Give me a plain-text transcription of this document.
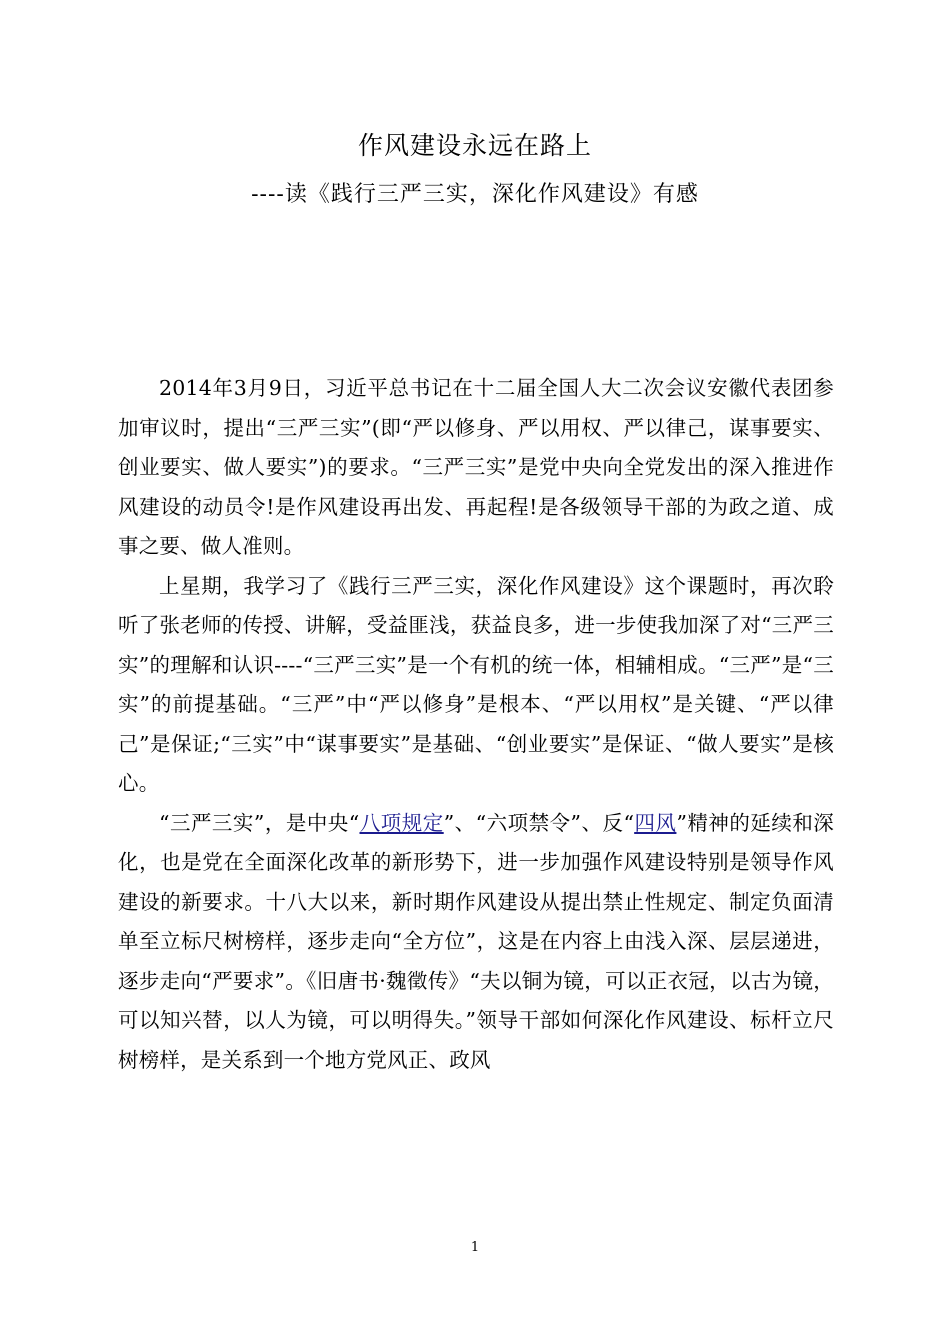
作风建设永远在路上
----读《践行三严三实，深化作风建设》有感

2014年3月9日，习近平总书记在十二届全国人大二次会议安徽代表团参加审议时，提出“三严三实”(即“严以修身、严以用权、严以律己，谋事要实、创业要实、做人要实”)的要求。“三严三实”是党中央向全党发出的深入推进作风建设的动员令!是作风建设再出发、再起程!是各级领导干部的为政之道、成事之要、做人准则。

上星期，我学习了《践行三严三实，深化作风建设》这个课题时，再次聆听了张老师的传授、讲解，受益匪浅，获益良多，进一步使我加深了对“三严三实”的理解和认识----“三严三实”是一个有机的统一体，相辅相成。“三严”是“三实”的前提基础。“三严”中“严以修身”是根本、“严以用权”是关键、“严以律己”是保证;“三实”中“谋事要实”是基础、“创业要实”是保证、“做人要实”是核心。

“三严三实”，是中央“八项规定”、“六项禁令”、反“四风”精神的延续和深化，也是党在全面深化改革的新形势下，进一步加强作风建设特别是领导作风建设的新要求。十八大以来，新时期作风建设从提出禁止性规定、制定负面清单至立标尺树榜样，逐步走向“全方位”，这是在内容上由浅入深、层层递进，逐步走向“严要求”。《旧唐书·魏徵传》“夫以铜为镜，可以正衣冠，以古为镜，可以知兴替，以人为镜，可以明得失。”领导干部如何深化作风建设、标杆立尺树榜样，是关系到一个地方党风正、政风

1
